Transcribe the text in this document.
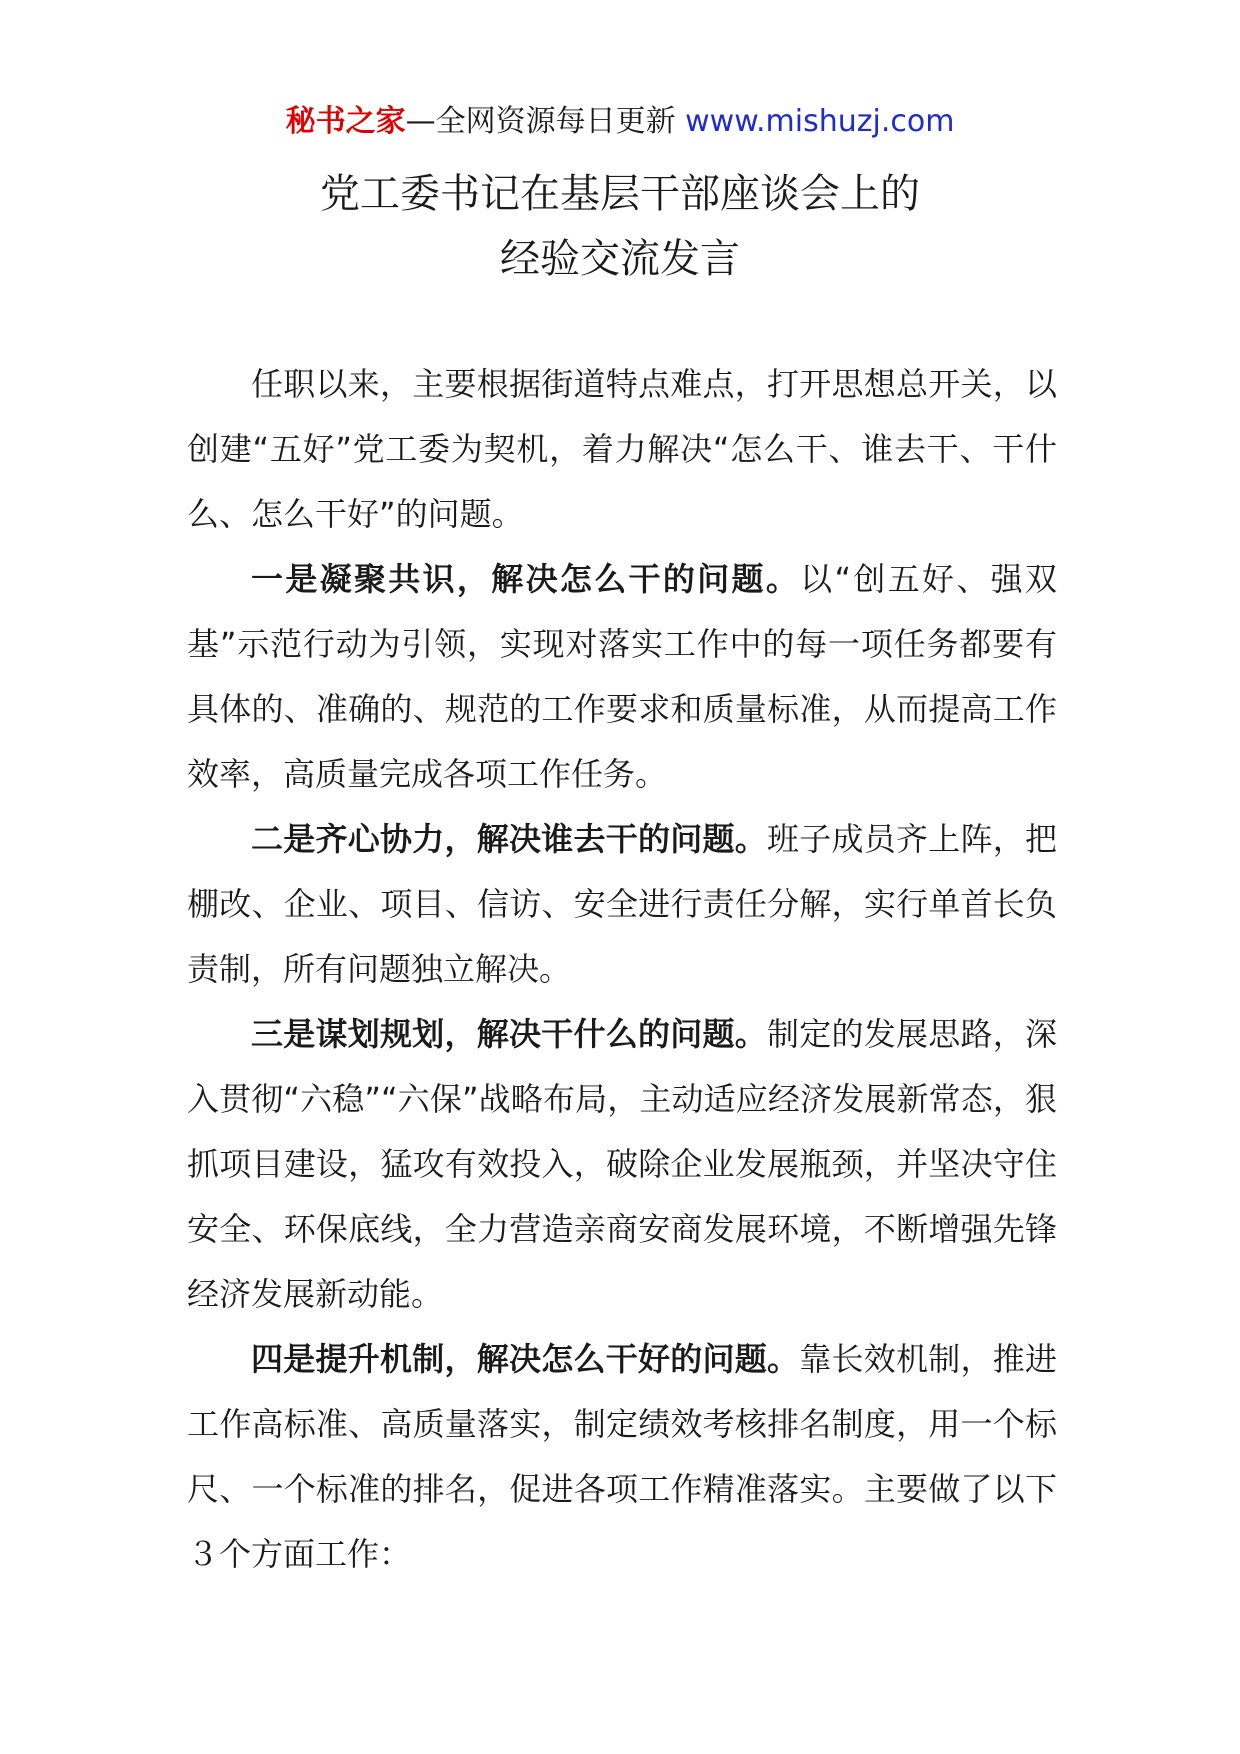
秘书之家—全网资源每日更新 www.mishuzj.com
党工委书记在基层干部座谈会上的
经验交流发言

任职以来，主要根据街道特点难点，打开思想总开关，以创建“五好”党工委为契机，着力解决“怎么干、谁去干、干什么、怎么干好”的问题。

一是凝聚共识，解决怎么干的问题。以“创五好、强双基”示范行动为引领，实现对落实工作中的每一项任务都要有具体的、准确的、规范的工作要求和质量标准，从而提高工作效率，高质量完成各项工作任务。

二是齐心协力，解决谁去干的问题。班子成员齐上阵，把棚改、企业、项目、信访、安全进行责任分解，实行单首长负责制，所有问题独立解决。

三是谋划规划，解决干什么的问题。制定的发展思路，深入贯彻“六稳”“六保”战略布局，主动适应经济发展新常态，狠抓项目建设，猛攻有效投入，破除企业发展瓶颈，并坚决守住安全、环保底线，全力营造亲商安商发展环境，不断增强先锋经济发展新动能。

四是提升机制，解决怎么干好的问题。靠长效机制，推进工作高标准、高质量落实，制定绩效考核排名制度，用一个标尺、一个标准的排名，促进各项工作精准落实。主要做了以下３个方面工作：
